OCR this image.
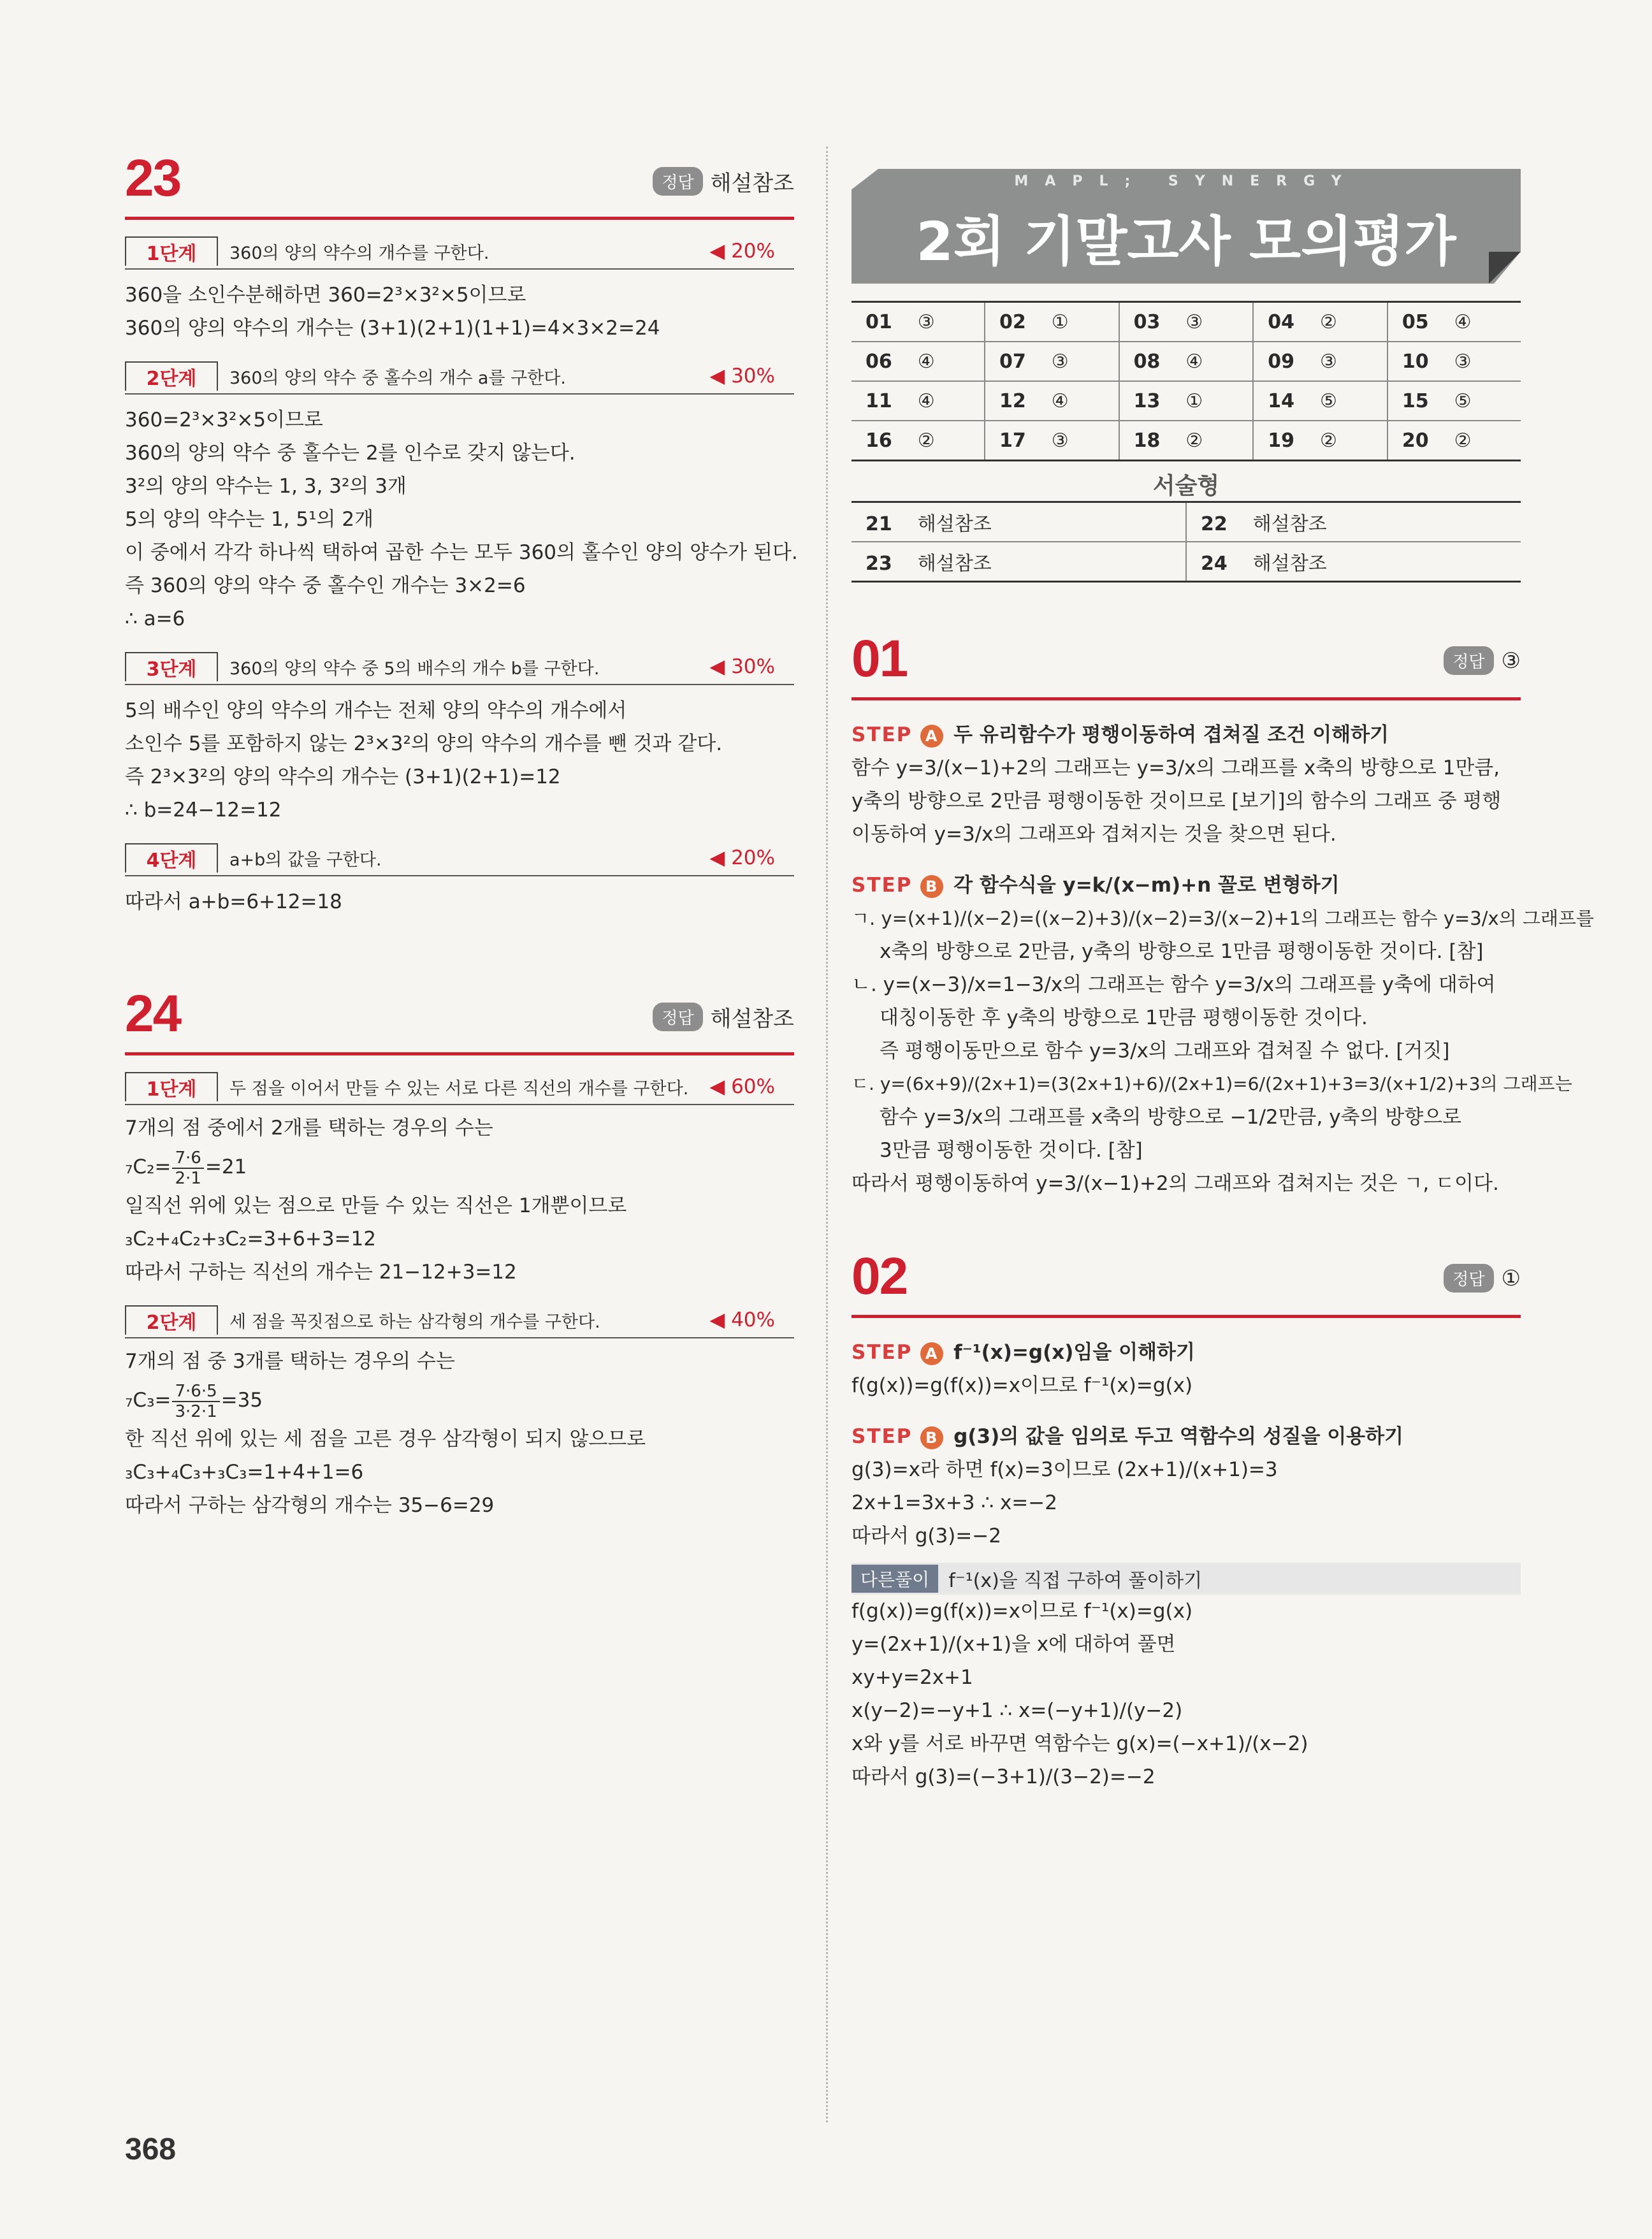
23	정답 해설참조
1단계	360의 양의 약수의 개수를 구한다.	◀ 20%
360을 소인수분해하면 360=2³×3²×5이므로
360의 양의 약수의 개수는 (3+1)(2+1)(1+1)=4×3×2=24
2단계	360의 양의 약수 중 홀수의 개수 a를 구한다.	◀ 30%
360=2³×3²×5이므로
360의 양의 약수 중 홀수는 2를 인수로 갖지 않는다.
3²의 양의 약수는 1, 3, 3²의 3개
5의 양의 약수는 1, 5¹의 2개
이 중에서 각각 하나씩 택하여 곱한 수는 모두 360의 홀수인 양의 양수가 된다.
즉 360의 양의 약수 중 홀수인 개수는 3×2=6
∴ a=6
3단계	360의 양의 약수 중 5의 배수의 개수 b를 구한다.	◀ 30%
5의 배수인 양의 약수의 개수는 전체 양의 약수의 개수에서
소인수 5를 포함하지 않는 2³×3²의 양의 약수의 개수를 뺀 것과 같다.
즉 2³×3²의 양의 약수의 개수는 (3+1)(2+1)=12
∴ b=24−12=12
4단계	a+b의 값을 구한다.	◀ 20%
따라서 a+b=6+12=18
24	정답 해설참조
1단계	두 점을 이어서 만들 수 있는 서로 다른 직선의 개수를 구한다.	◀ 60%
7개의 점 중에서 2개를 택하는 경우의 수는
$_7C_2= \frac{7\cdot 6}{2\cdot 1} =21$
일직선 위에 있는 점으로 만들 수 있는 직선은 1개뿐이므로
₃C₂+₄C₂+₃C₂=3+6+3=12
따라서 구하는 직선의 개수는 21−12+3=12
2단계	세 점을 꼭짓점으로 하는 삼각형의 개수를 구한다.	◀ 40%
7개의 점 중 3개를 택하는 경우의 수는
$_7C_3= \frac{7\cdot 6\cdot 5}{3\cdot 2\cdot 1} =35$
한 직선 위에 있는 세 점을 고른 경우 삼각형이 되지 않으므로
₃C₃+₄C₃+₃C₃=1+4+1=6
따라서 구하는 삼각형의 개수는 35−6=29
MAPL; SYNERGY
2회 기말고사 모의평가
01 ③	02 ①	03 ③	04 ②	05 ④
06 ④	07 ③	08 ④	09 ③	10 ③
11 ④	12 ④	13 ①	14 ⑤	15 ⑤
16 ②	17 ③	18 ②	19 ②	20 ②
서술형
21 해설참조	22 해설참조
23 해설참조	24 해설참조
01	정답 ③
STEP A 두 유리함수가 평행이동하여 겹쳐질 조건 이해하기
함수 y=3/(x−1)+2의 그래프는 y=3/x의 그래프를 x축의 방향으로 1만큼,
y축의 방향으로 2만큼 평행이동한 것이므로 [보기]의 함수의 그래프 중 평행
이동하여 y=3/x의 그래프와 겹쳐지는 것을 찾으면 된다.
STEP B 각 함수식을 y=k/(x−m)+n 꼴로 변형하기
ㄱ. y=(x+1)/(x−2)=((x−2)+3)/(x−2)=3/(x−2)+1의 그래프는 함수 y=3/x의 그래프를
x축의 방향으로 2만큼, y축의 방향으로 1만큼 평행이동한 것이다. [참]
ㄴ. y=(x−3)/x=1−3/x의 그래프는 함수 y=3/x의 그래프를 y축에 대하여
대칭이동한 후 y축의 방향으로 1만큼 평행이동한 것이다.
즉 평행이동만으로 함수 y=3/x의 그래프와 겹쳐질 수 없다. [거짓]
ㄷ. y=(6x+9)/(2x+1)=(3(2x+1)+6)/(2x+1)=6/(2x+1)+3=3/(x+1/2)+3의 그래프는
함수 y=3/x의 그래프를 x축의 방향으로 −1/2만큼, y축의 방향으로
3만큼 평행이동한 것이다. [참]
따라서 평행이동하여 y=3/(x−1)+2의 그래프와 겹쳐지는 것은 ㄱ, ㄷ이다.
02	정답 ①
STEP A f⁻¹(x)=g(x)임을 이해하기
f(g(x))=g(f(x))=x이므로 f⁻¹(x)=g(x)
STEP B g(3)의 값을 임의로 두고 역함수의 성질을 이용하기
g(3)=x라 하면 f(x)=3이므로 (2x+1)/(x+1)=3
2x+1=3x+3 ∴ x=−2
따라서 g(3)=−2
다른풀이	f⁻¹(x)을 직접 구하여 풀이하기
f(g(x))=g(f(x))=x이므로 f⁻¹(x)=g(x)
y=(2x+1)/(x+1)을 x에 대하여 풀면
xy+y=2x+1
x(y−2)=−y+1 ∴ x=(−y+1)/(y−2)
x와 y를 서로 바꾸면 역함수는 g(x)=(−x+1)/(x−2)
따라서 g(3)=(−3+1)/(3−2)=−2
368
